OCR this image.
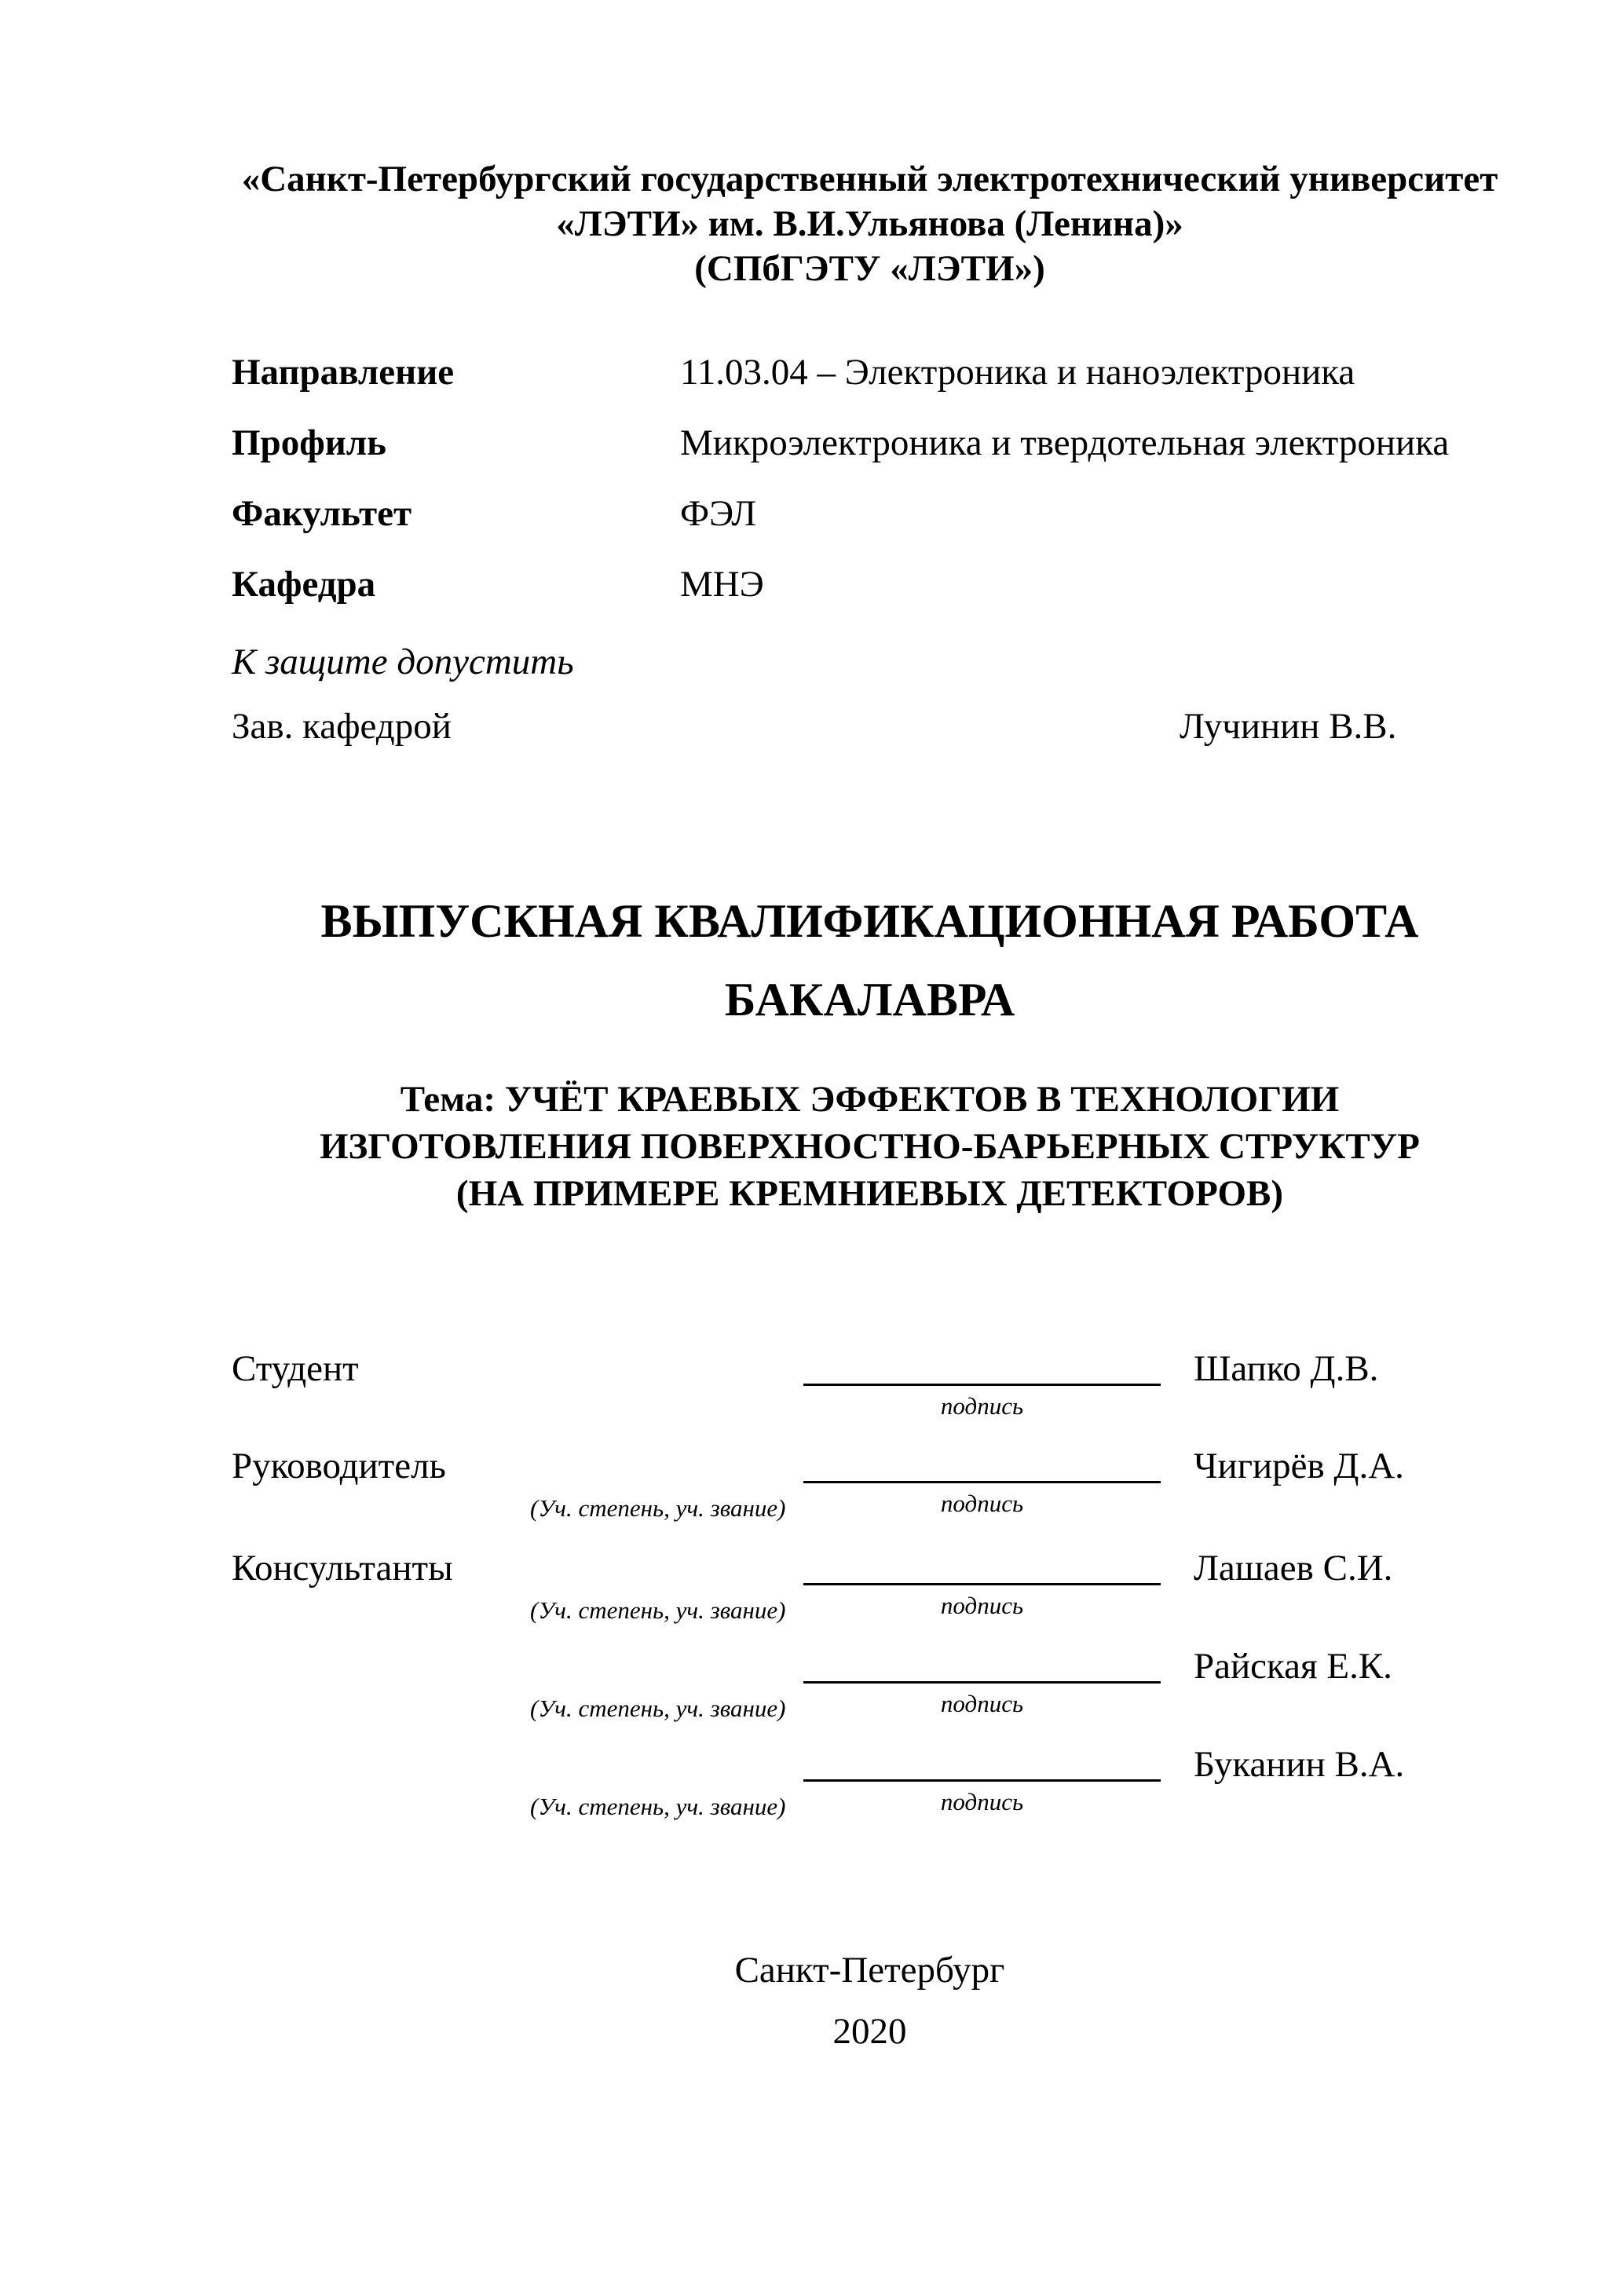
«Санкт-Петербургский государственный электротехнический университет
«ЛЭТИ» им. В.И.Ульянова (Ленина)»
(СПбГЭТУ «ЛЭТИ»)
Направление	11.03.04 – Электроника и наноэлектроника
Профиль	Микроэлектроника и твердотельная электроника
Факультет	ФЭЛ
Кафедра	МНЭ
К защите допустить
Зав. кафедрой	Лучинин В.В.
ВЫПУСКНАЯ КВАЛИФИКАЦИОННАЯ РАБОТА
БАКАЛАВРА
Тема: УЧЁТ КРАЕВЫХ ЭФФЕКТОВ В ТЕХНОЛОГИИ
ИЗГОТОВЛЕНИЯ ПОВЕРХНОСТНО-БАРЬЕРНЫХ СТРУКТУР
(НА ПРИМЕРЕ КРЕМНИЕВЫХ ДЕТЕКТОРОВ)
Студент	Шапко Д.В.
подпись
Руководитель	Чигирёв Д.А.
(Уч. степень, уч. звание)	подпись
Консультанты	Лашаев С.И.
(Уч. степень, уч. звание)	подпись
Райская Е.К.
(Уч. степень, уч. звание)	подпись
Буканин В.А.
(Уч. степень, уч. звание)	подпись
Санкт-Петербург
2020
